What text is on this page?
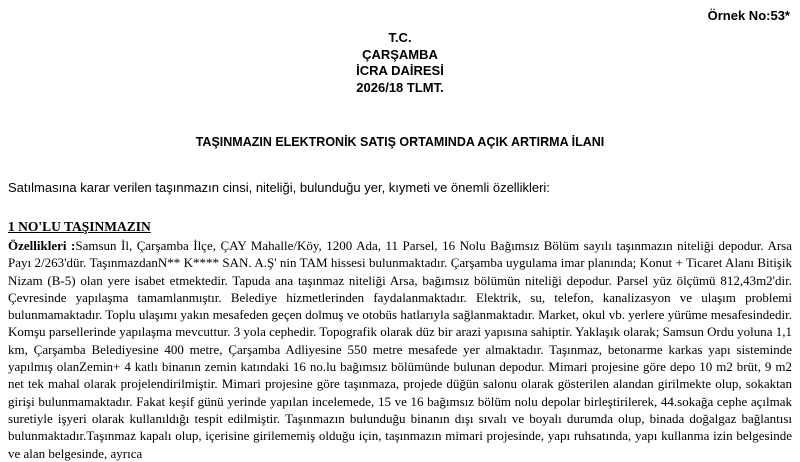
Örnek No:53*
T.C.
ÇARŞAMBA
İCRA DAİRESİ
2026/18 TLMT.
TAŞINMAZIN ELEKTRONİK SATIŞ ORTAMINDA AÇIK ARTIRMA İLANI
Satılmasına karar verilen taşınmazın cinsi, niteliği, bulunduğu yer, kıymeti ve önemli özellikleri:
1 NO'LU TAŞINMAZIN

Özellikleri :Samsun İl, Çarşamba İlçe, ÇAY Mahalle/Köy, 1200 Ada, 11 Parsel, 16 Nolu Bağımsız Bölüm sayılı taşınmazın niteliği depodur. Arsa Payı 2/263'dür. TaşınmazdanN** K**** SAN. A.Ş' nin TAM hissesi bulunmaktadır. Çarşamba uygulama imar planında; Konut + Ticaret Alanı Bitişik Nizam (B-5) olan yere isabet etmektedir. Tapuda ana taşınmaz niteliği Arsa, bağımsız bölümün niteliği depodur. Parsel yüz ölçümü 812,43m2'dir. Çevresinde yapılaşma tamamlanmıştır. Belediye hizmetlerinden faydalanmaktadır. Elektrik, su, telefon, kanalizasyon ve ulaşım problemi bulunmamaktadır. Toplu ulaşımı yakın mesafeden geçen dolmuş ve otobüs hatlarıyla sağlanmaktadır. Market, okul vb. yerlere yürüme mesafesindedir. Komşu parsellerinde yapılaşma mevcuttur. 3 yola cephedir. Topografik olarak düz bir arazi yapısına sahiptir. Yaklaşık olarak; Samsun Ordu yoluna 1,1 km, Çarşamba Belediyesine 400 metre, Çarşamba Adliyesine 550 metre mesafede yer almaktadır. Taşınmaz, betonarme karkas yapı sisteminde yapılmış olanZemin+ 4 katlı binanın zemin katındaki 16 no.lu bağımsız bölümünde bulunan depodur. Mimari projesine göre depo 10 m2 brüt, 9 m2 net tek mahal olarak projelendirilmiştir. Mimari projesine göre taşınmaza, projede düğün salonu olarak gösterilen alandan girilmekte olup, sokaktan girişi bulunmamaktadır. Fakat keşif günü yerinde yapılan incelemede, 15 ve 16 bağımsız bölüm nolu depolar birleştirilerek, 44.sokağa cephe açılmak suretiyle işyeri olarak kullanıldığı tespit edilmiştir. Taşınmazın bulunduğu binanın dışı sıvalı ve boyalı durumda olup, binada doğalgaz bağlantısı bulunmaktadır.Taşınmaz kapalı olup, içerisine girilememiş olduğu için, taşınmazın mimari projesinde, yapı ruhsatında, yapı kullanma izin belgesinde ve alan belgesinde, ayrıca
